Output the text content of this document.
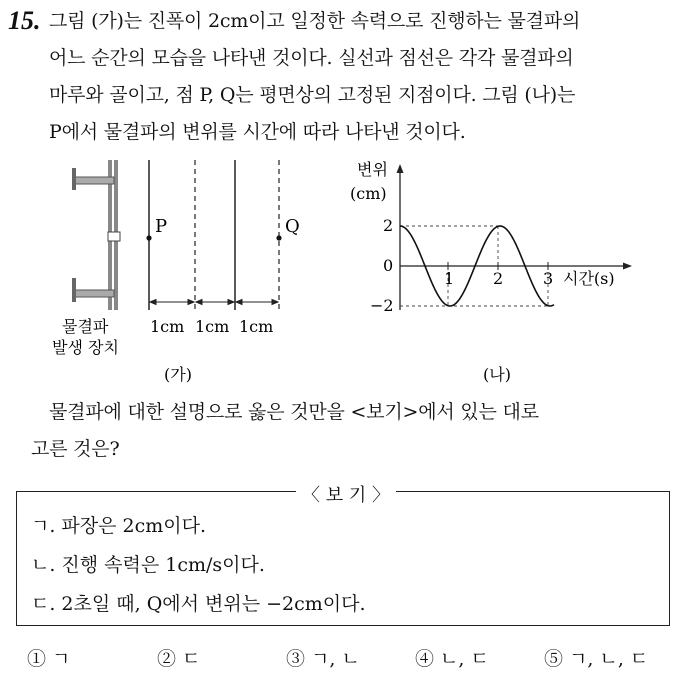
15. 그림 (가)는 진폭이 2cm이고 일정한 속력으로 진행하는 물결파의
어느 순간의 모습을 나타낸 것이다. 실선과 점선은 각각 물결파의
마루와 골이고, 점 P, Q는 평면상의 고정된 지점이다. 그림 (나)는
P에서 물결파의 변위를 시간에 따라 나타낸 것이다.
P	Q
1cm 1cm 1cm
물결파
발생 장치
(가)
변위
(cm)
2
0
−2
1 2 3 시간(s)
(나)
물결파에 대한 설명으로 옳은 것만을 <보기>에서 있는 대로
고른 것은?
〈 보 기 〉
ㄱ. 파장은 2cm이다.
ㄴ. 진행 속력은 1cm/s이다.
ㄷ. 2초일 때, Q에서 변위는 −2cm이다.
① ㄱ	② ㄷ	③ ㄱ, ㄴ	④ ㄴ, ㄷ	⑤ ㄱ, ㄴ, ㄷ
